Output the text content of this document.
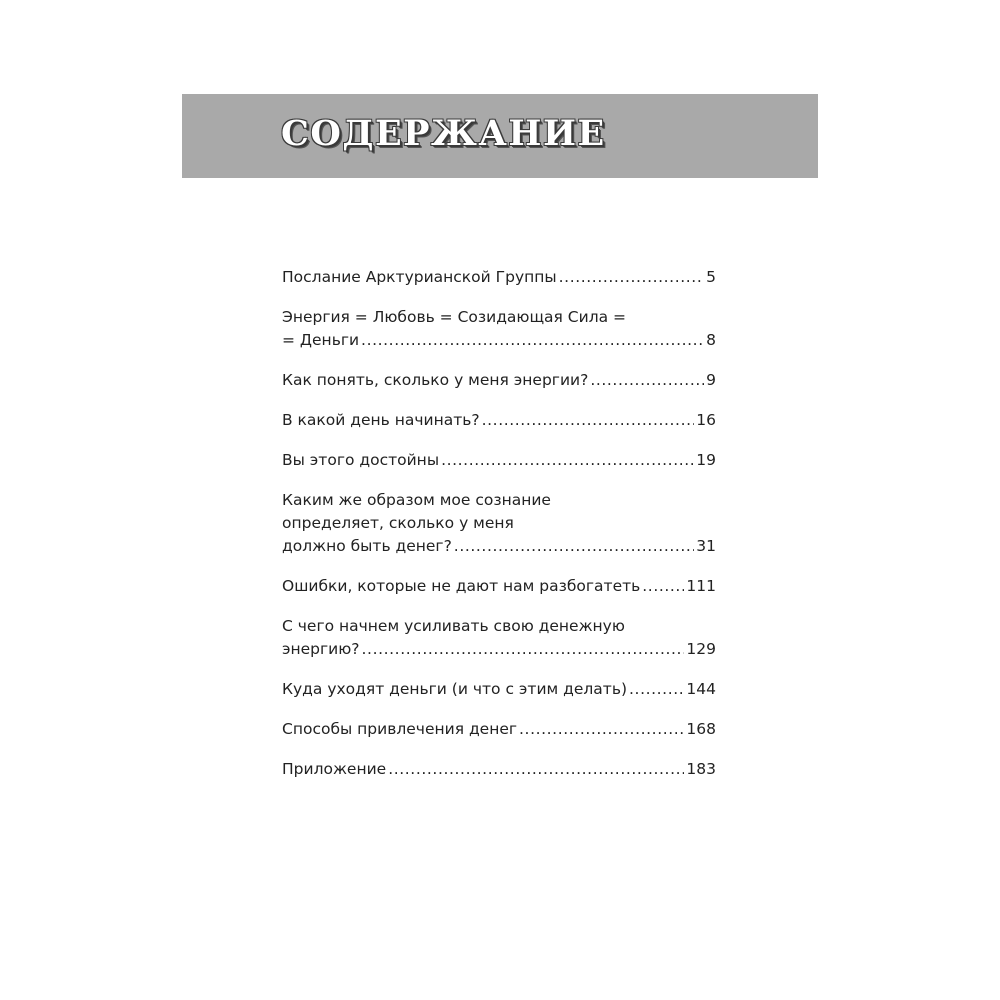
СОДЕРЖАНИЕ
Послание Арктурианской Группы .....	5
Энергия = Любовь = Созидающая Сила =
= Деньги .....	8
Как понять, сколько у меня энергии? .....	9
В какой день начинать? .....	16
Вы этого достойны .....	19
Каким же образом мое сознание
определяет, сколько у меня
должно быть денег? .....	31
Ошибки, которые не дают нам разбогатеть .....	111
С чего начнем усиливать свою денежную
энергию? .....	129
Куда уходят деньги (и что с этим делать) .....	144
Способы привлечения денег .....	168
Приложение .....	183
